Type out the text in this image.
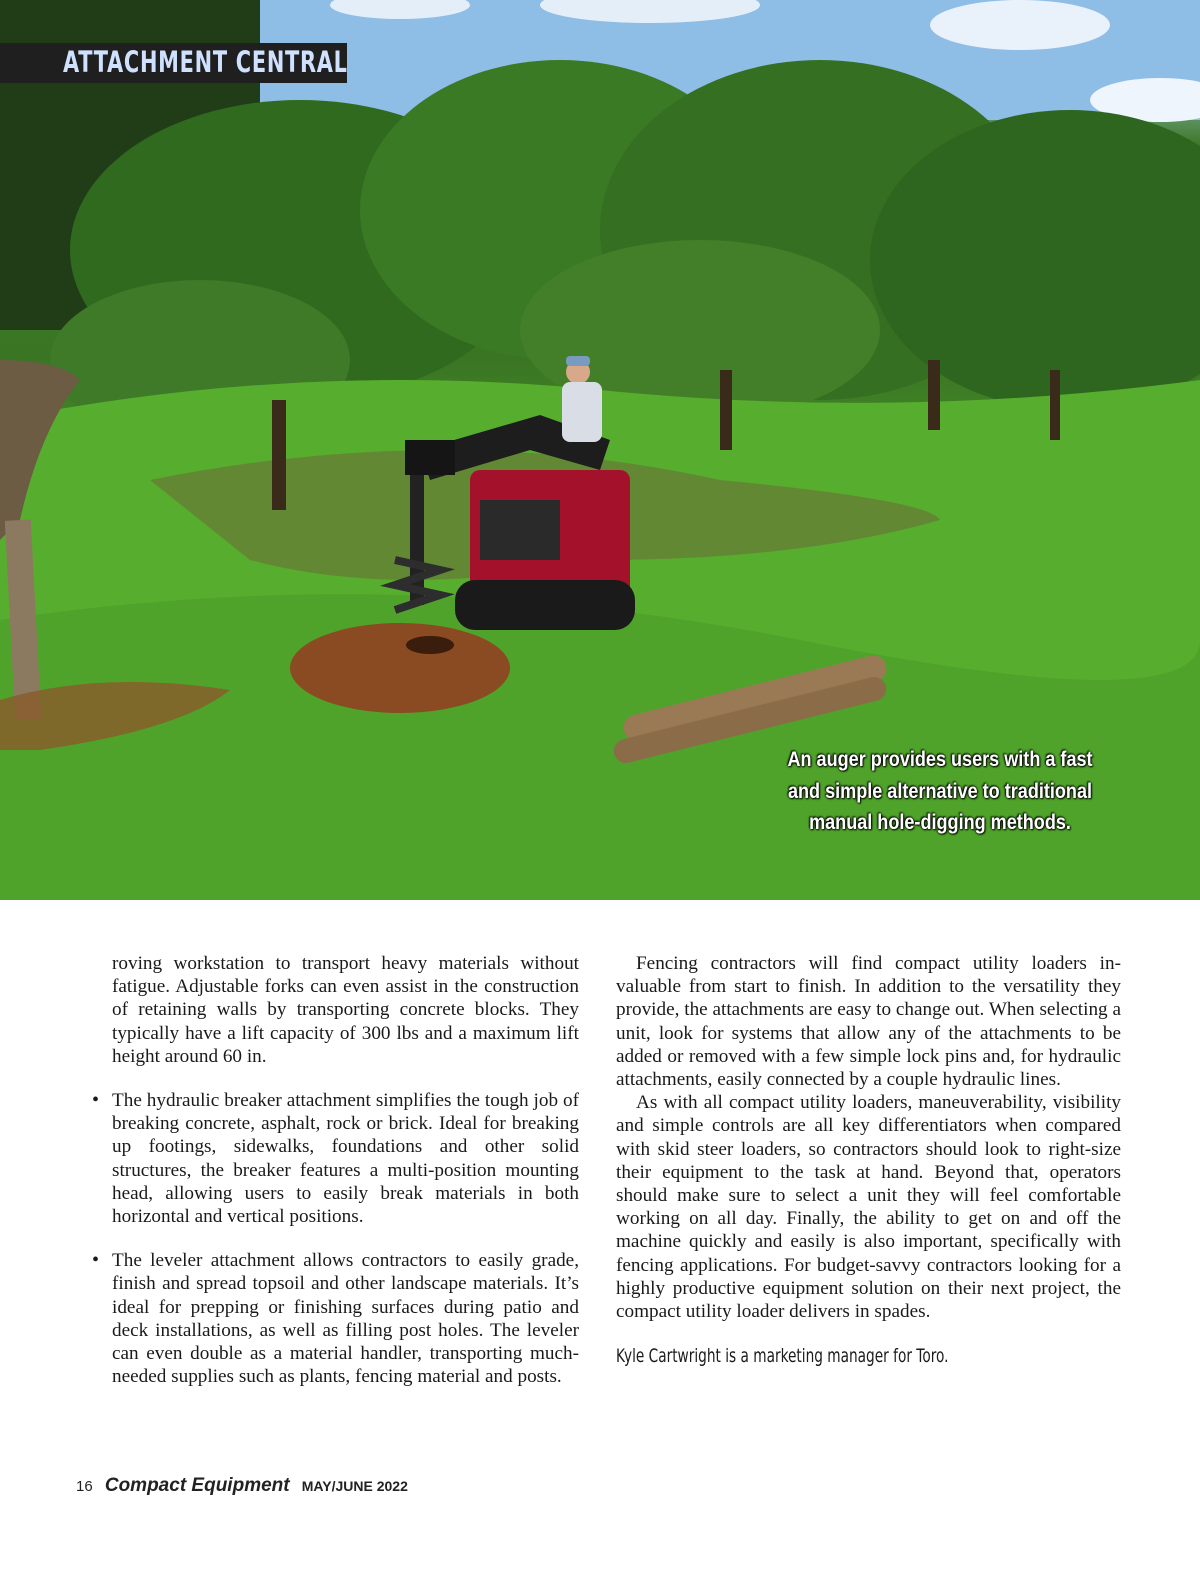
ATTACHMENT CENTRAL
An auger provides users with a fast and simple alternative to traditional manual hole-digging methods.

roving workstation to transport heavy materials without fatigue. Adjustable forks can even assist in the construction of retaining walls by transporting concrete blocks. They typically have a lift capacity of 300 lbs and a maximum lift height around 60 in.

• The hydraulic breaker attachment simplifies the tough job of breaking concrete, asphalt, rock or brick. Ideal for breaking up footings, sidewalks, foundations and other solid structures, the breaker features a multi-position mounting head, allowing users to easily break materials in both horizontal and vertical positions.
• The leveler attachment allows contractors to easily grade, finish and spread topsoil and other landscape materials. It’s ideal for prepping or finishing surfaces during patio and deck installations, as well as filling post holes. The leveler can even double as a material handler, transporting much-needed supplies such as plants, fencing material and posts.

Fencing contractors will find compact utility loaders invaluable from start to finish. In addition to the versatility they provide, the attachments are easy to change out. When selecting a unit, look for systems that allow any of the attachments to be added or removed with a few simple lock pins and, for hydraulic attachments, easily connected by a couple hydraulic lines.

As with all compact utility loaders, maneuverability, visibility and simple controls are all key differentiators when compared with skid steer loaders, so contractors should look to right-size their equipment to the task at hand. Beyond that, operators should make sure to select a unit they will feel comfortable working on all day. Finally, the ability to get on and off the machine quickly and easily is also important, specifically with fencing applications. For budget-savvy contractors looking for a highly productive equipment solution on their next project, the compact utility loader delivers in spades.

Kyle Cartwright is a marketing manager for Toro.

16 Compact Equipment MAY/JUNE 2022
